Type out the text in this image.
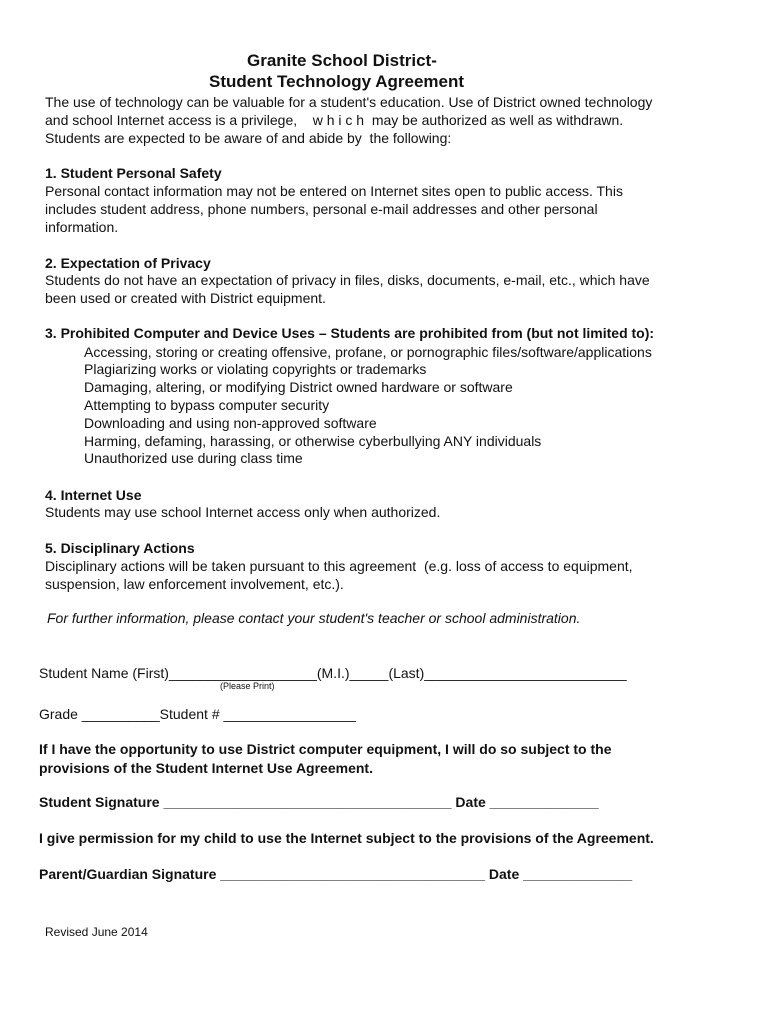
Granite School District-

Student Technology Agreement

The use of technology can be valuable for a student's education. Use of District owned technology

and school Internet access is a privilege,    w h i c h  may be authorized as well as withdrawn.

Students are expected to be aware of and abide by  the following:

1. Student Personal Safety

Personal contact information may not be entered on Internet sites open to public access. This

includes student address, phone numbers, personal e-mail addresses and other personal

information.

2. Expectation of Privacy

Students do not have an expectation of privacy in files, disks, documents, e-mail, etc., which have

been used or created with District equipment.

3. Prohibited Computer and Device Uses – Students are prohibited from (but not limited to):

Accessing, storing or creating offensive, profane, or pornographic files/software/applications

Plagiarizing works or violating copyrights or trademarks

Damaging, altering, or modifying District owned hardware or software

Attempting to bypass computer security

Downloading and using non-approved software

Harming, defaming, harassing, or otherwise cyberbullying ANY individuals

Unauthorized use during class time

4. Internet Use

Students may use school Internet access only when authorized.

5. Disciplinary Actions

Disciplinary actions will be taken pursuant to this agreement  (e.g. loss of access to equipment,

suspension, law enforcement involvement, etc.).

For further information, please contact your student's teacher or school administration.

Student Name (First)___________________(M.I.)_____(Last)__________________________

(Please Print)

Grade __________Student # _________________

If I have the opportunity to use District computer equipment, I will do so subject to the

provisions of the Student Internet Use Agreement.

Student Signature _____________________________________ Date ______________

I give permission for my child to use the Internet subject to the provisions of the Agreement.

Parent/Guardian Signature __________________________________ Date ______________

Revised June 2014
